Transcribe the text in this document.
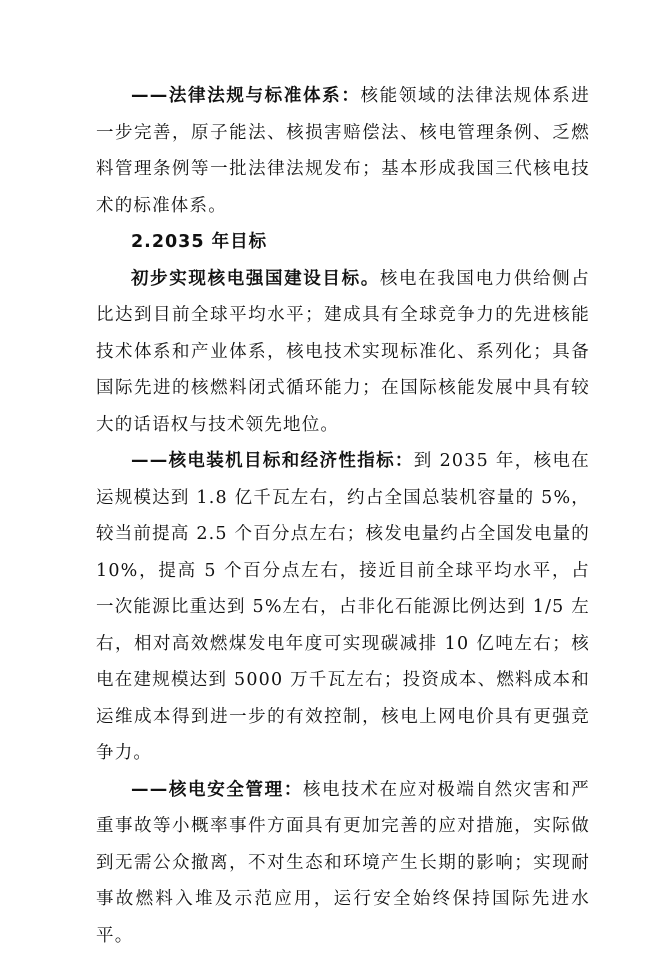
——法律法规与标准体系：核能领域的法律法规体系进一步完善，原子能法、核损害赔偿法、核电管理条例、乏燃料管理条例等一批法律法规发布；基本形成我国三代核电技术的标准体系。

2.2035 年目标

初步实现核电强国建设目标。核电在我国电力供给侧占比达到目前全球平均水平；建成具有全球竞争力的先进核能技术体系和产业体系，核电技术实现标准化、系列化；具备国际先进的核燃料闭式循环能力；在国际核能发展中具有较大的话语权与技术领先地位。

——核电装机目标和经济性指标：到 2035 年，核电在运规模达到 1.8 亿千瓦左右，约占全国总装机容量的 5%，较当前提高 2.5 个百分点左右；核发电量约占全国发电量的 10%，提高 5 个百分点左右，接近目前全球平均水平，占一次能源比重达到 5%左右，占非化石能源比例达到 1/5 左右，相对高效燃煤发电年度可实现碳减排 10 亿吨左右；核电在建规模达到 5000 万千瓦左右；投资成本、燃料成本和运维成本得到进一步的有效控制，核电上网电价具有更强竞争力。

——核电安全管理：核电技术在应对极端自然灾害和严重事故等小概率事件方面具有更加完善的应对措施，实际做到无需公众撤离，不对生态和环境产生长期的影响；实现耐事故燃料入堆及示范应用，运行安全始终保持国际先进水平。
